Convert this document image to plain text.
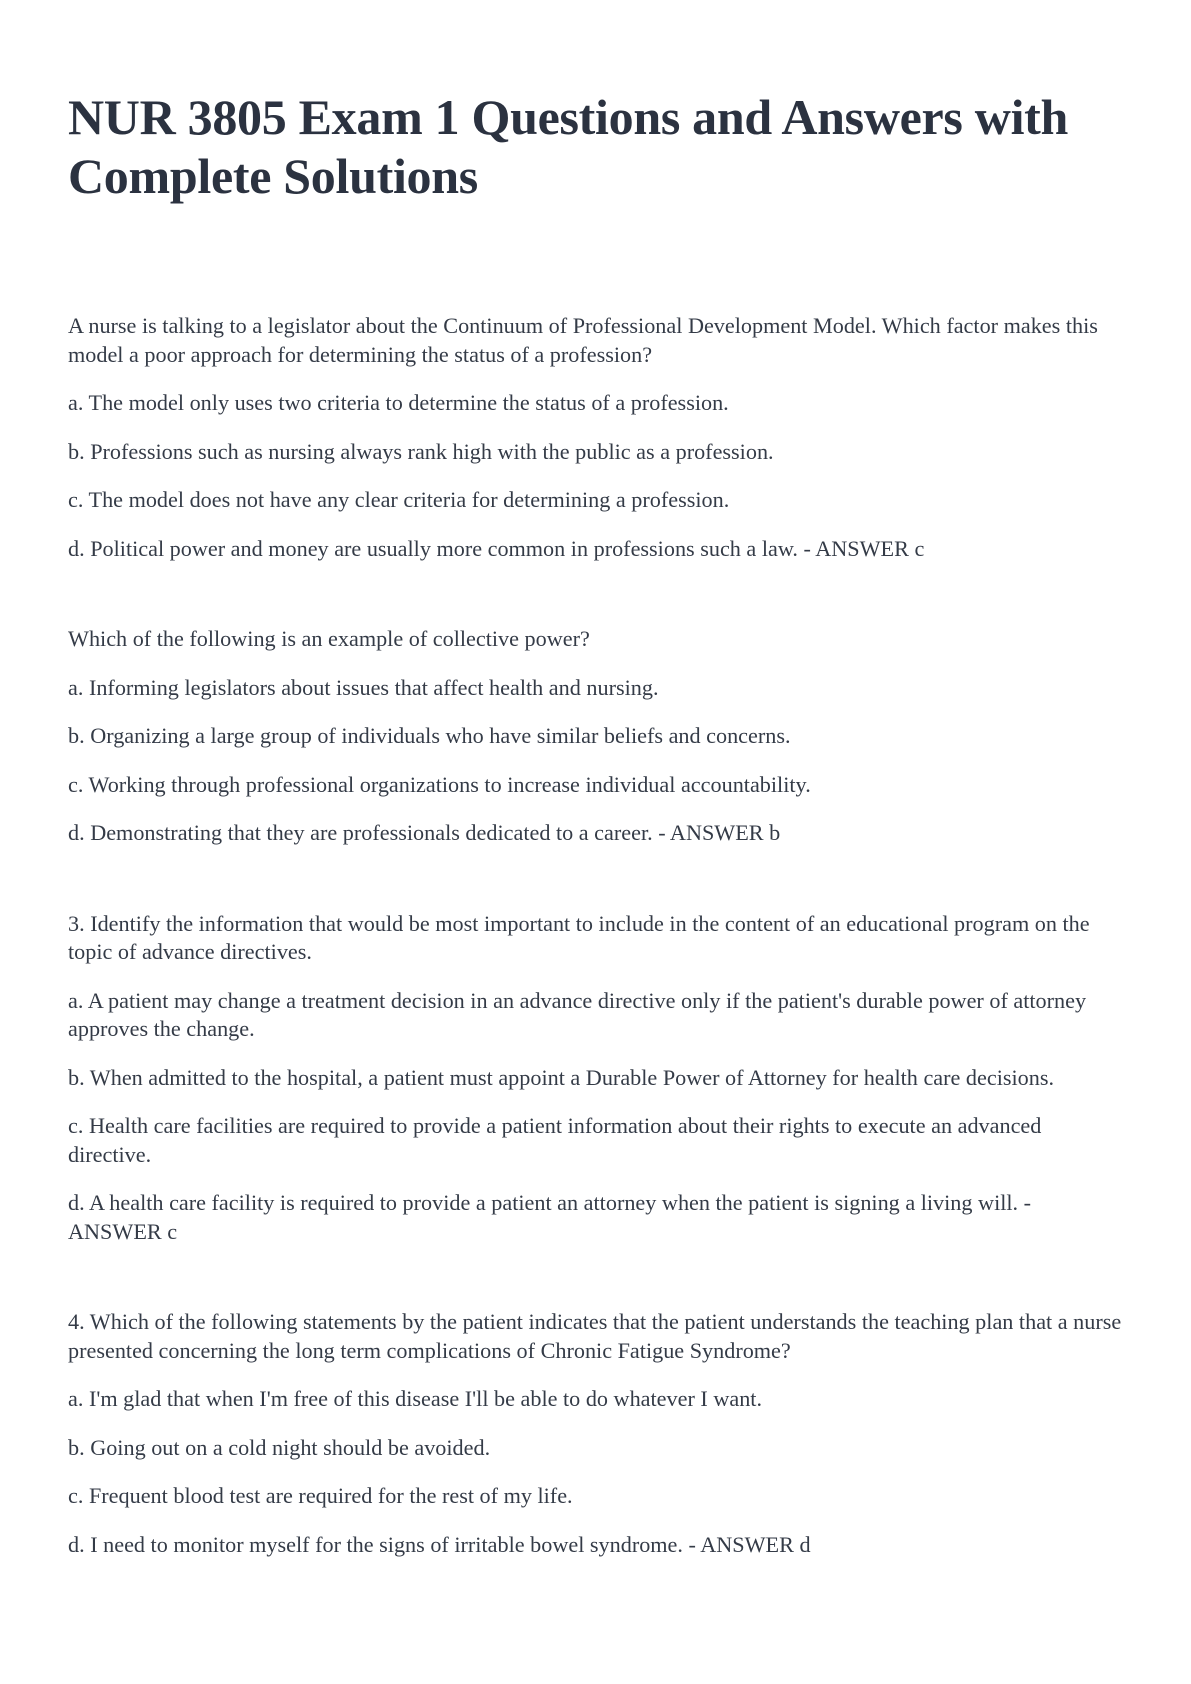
NUR 3805 Exam 1 Questions and Answers with Complete Solutions

A nurse is talking to a legislator about the Continuum of Professional Development Model. Which factor makes this model a poor approach for determining the status of a profession?

a. The model only uses two criteria to determine the status of a profession.

b. Professions such as nursing always rank high with the public as a profession.

c. The model does not have any clear criteria for determining a profession.

d. Political power and money are usually more common in professions such a law. - ANSWER c

Which of the following is an example of collective power?

a. Informing legislators about issues that affect health and nursing.

b. Organizing a large group of individuals who have similar beliefs and concerns.

c. Working through professional organizations to increase individual accountability.

d. Demonstrating that they are professionals dedicated to a career. - ANSWER b

3. Identify the information that would be most important to include in the content of an educational program on the topic of advance directives.

a. A patient may change a treatment decision in an advance directive only if the patient's durable power of attorney approves the change.

b. When admitted to the hospital, a patient must appoint a Durable Power of Attorney for health care decisions.

c. Health care facilities are required to provide a patient information about their rights to execute an advanced directive.

d. A health care facility is required to provide a patient an attorney when the patient is signing a living will. - ANSWER c

4. Which of the following statements by the patient indicates that the patient understands the teaching plan that a nurse presented concerning the long term complications of Chronic Fatigue Syndrome?

a. I'm glad that when I'm free of this disease I'll be able to do whatever I want.

b. Going out on a cold night should be avoided.

c. Frequent blood test are required for the rest of my life.

d. I need to monitor myself for the signs of irritable bowel syndrome. - ANSWER d
